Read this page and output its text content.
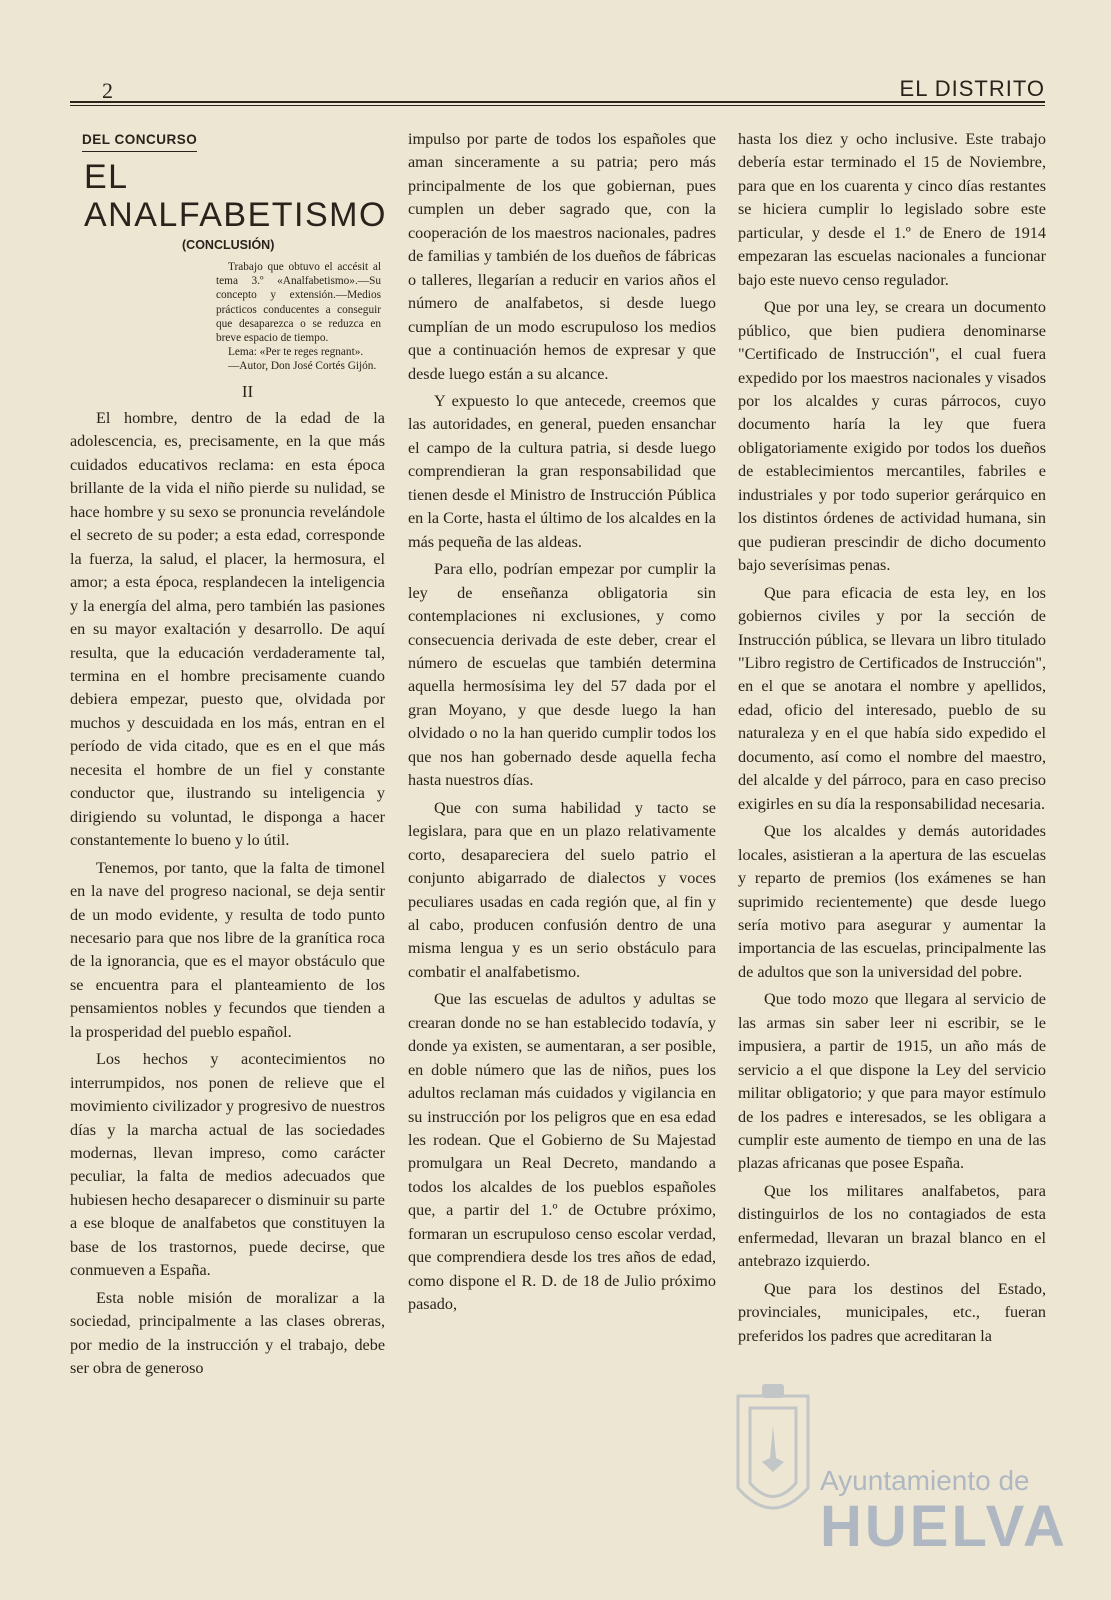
2	EL DISTRITO
DEL CONCURSO
EL ANALFABETISMO
(CONCLUSIÓN)
Trabajo que obtuvo el accésit al tema 3.º «Analfabetismo».—Su concepto y extensión.—Medios prácticos conducentes a conseguir que desaparezca o se reduzca en breve espacio de tiempo.
Lema: «Per te reges regnant».
—Autor, Don José Cortés Gijón.
II

El hombre, dentro de la edad de la adolescencia, es, precisamente, en la que más cuidados educativos reclama: en esta época brillante de la vida el niño pierde su nulidad, se hace hombre y su sexo se pronuncia revelándole el secreto de su poder; a esta edad, corresponde la fuerza, la salud, el placer, la hermosura, el amor; a esta época, resplandecen la inteligencia y la energía del alma, pero también las pasiones en su mayor exaltación y desarrollo. De aquí resulta, que la educación verdaderamente tal, termina en el hombre precisamente cuando debiera empezar, puesto que, olvidada por muchos y descuidada en los más, entran en el período de vida citado, que es en el que más necesita el hombre de un fiel y constante conductor que, ilustrando su inteligencia y dirigiendo su voluntad, le disponga a hacer constantemente lo bueno y lo útil.

Tenemos, por tanto, que la falta de timonel en la nave del progreso nacional, se deja sentir de un modo evidente, y resulta de todo punto necesario para que nos libre de la granítica roca de la ignorancia, que es el mayor obstáculo que se encuentra para el planteamiento de los pensamientos nobles y fecundos que tienden a la prosperidad del pueblo español.

Los hechos y acontecimientos no interrumpidos, nos ponen de relieve que el movimiento civilizador y progresivo de nuestros días y la marcha actual de las sociedades modernas, llevan impreso, como carácter peculiar, la falta de medios adecuados que hubiesen hecho desaparecer o disminuir su parte a ese bloque de analfabetos que constituyen la base de los trastornos, puede decirse, que conmueven a España.

Esta noble misión de moralizar a la sociedad, principalmente a las clases obreras, por medio de la instrucción y el trabajo, debe ser obra de generoso

impulso por parte de todos los españoles que aman sinceramente a su patria; pero más principalmente de los que gobiernan, pues cumplen un deber sagrado que, con la cooperación de los maestros nacionales, padres de familias y también de los dueños de fábricas o talleres, llegarían a reducir en varios años el número de analfabetos, si desde luego cumplían de un modo escrupuloso los medios que a continuación hemos de expresar y que desde luego están a su alcance.

Y expuesto lo que antecede, creemos que las autoridades, en general, pueden ensanchar el campo de la cultura patria, si desde luego comprendieran la gran responsabilidad que tienen desde el Ministro de Instrucción Pública en la Corte, hasta el último de los alcaldes en la más pequeña de las aldeas.

Para ello, podrían empezar por cumplir la ley de enseñanza obligatoria sin contemplaciones ni exclusiones, y como consecuencia derivada de este deber, crear el número de escuelas que también determina aquella hermosísima ley del 57 dada por el gran Moyano, y que desde luego la han olvidado o no la han querido cumplir todos los que nos han gobernado desde aquella fecha hasta nuestros días.

Que con suma habilidad y tacto se legislara, para que en un plazo relativamente corto, desapareciera del suelo patrio el conjunto abigarrado de dialectos y voces peculiares usadas en cada región que, al fin y al cabo, producen confusión dentro de una misma lengua y es un serio obstáculo para combatir el analfabetismo.

Que las escuelas de adultos y adultas se crearan donde no se han establecido todavía, y donde ya existen, se aumentaran, a ser posible, en doble número que las de niños, pues los adultos reclaman más cuidados y vigilancia en su instrucción por los peligros que en esa edad les rodean. Que el Gobierno de Su Majestad promulgara un Real Decreto, mandando a todos los alcaldes de los pueblos españoles que, a partir del 1.º de Octubre próximo, formaran un escrupuloso censo escolar verdad, que comprendiera desde los tres años de edad, como dispone el R. D. de 18 de Julio próximo pasado,

hasta los diez y ocho inclusive. Este trabajo debería estar terminado el 15 de Noviembre, para que en los cuarenta y cinco días restantes se hiciera cumplir lo legislado sobre este particular, y desde el 1.º de Enero de 1914 empezaran las escuelas nacionales a funcionar bajo este nuevo censo regulador.

Que por una ley, se creara un documento público, que bien pudiera denominarse "Certificado de Instrucción", el cual fuera expedido por los maestros nacionales y visados por los alcaldes y curas párrocos, cuyo documento haría la ley que fuera obligatoriamente exigido por todos los dueños de establecimientos mercantiles, fabriles e industriales y por todo superior gerárquico en los distintos órdenes de actividad humana, sin que pudieran prescindir de dicho documento bajo severísimas penas.

Que para eficacia de esta ley, en los gobiernos civiles y por la sección de Instrucción pública, se llevara un libro titulado "Libro registro de Certificados de Instrucción", en el que se anotara el nombre y apellidos, edad, oficio del interesado, pueblo de su naturaleza y en el que había sido expedido el documento, así como el nombre del maestro, del alcalde y del párroco, para en caso preciso exigirles en su día la responsabilidad necesaria.

Que los alcaldes y demás autoridades locales, asistieran a la apertura de las escuelas y reparto de premios (los exámenes se han suprimido recientemente) que desde luego sería motivo para asegurar y aumentar la importancia de las escuelas, principalmente las de adultos que son la universidad del pobre.

Que todo mozo que llegara al servicio de las armas sin saber leer ni escribir, se le impusiera, a partir de 1915, un año más de servicio a el que dispone la Ley del servicio militar obligatorio; y que para mayor estímulo de los padres e interesados, se les obligara a cumplir este aumento de tiempo en una de las plazas africanas que posee España.

Que los militares analfabetos, para distinguirlos de los no contagiados de esta enfermedad, llevaran un brazal blanco en el antebrazo izquierdo.

Que para los destinos del Estado, provinciales, municipales, etc., fueran preferidos los padres que acreditaran la

Ayuntamiento de
HUELVA
